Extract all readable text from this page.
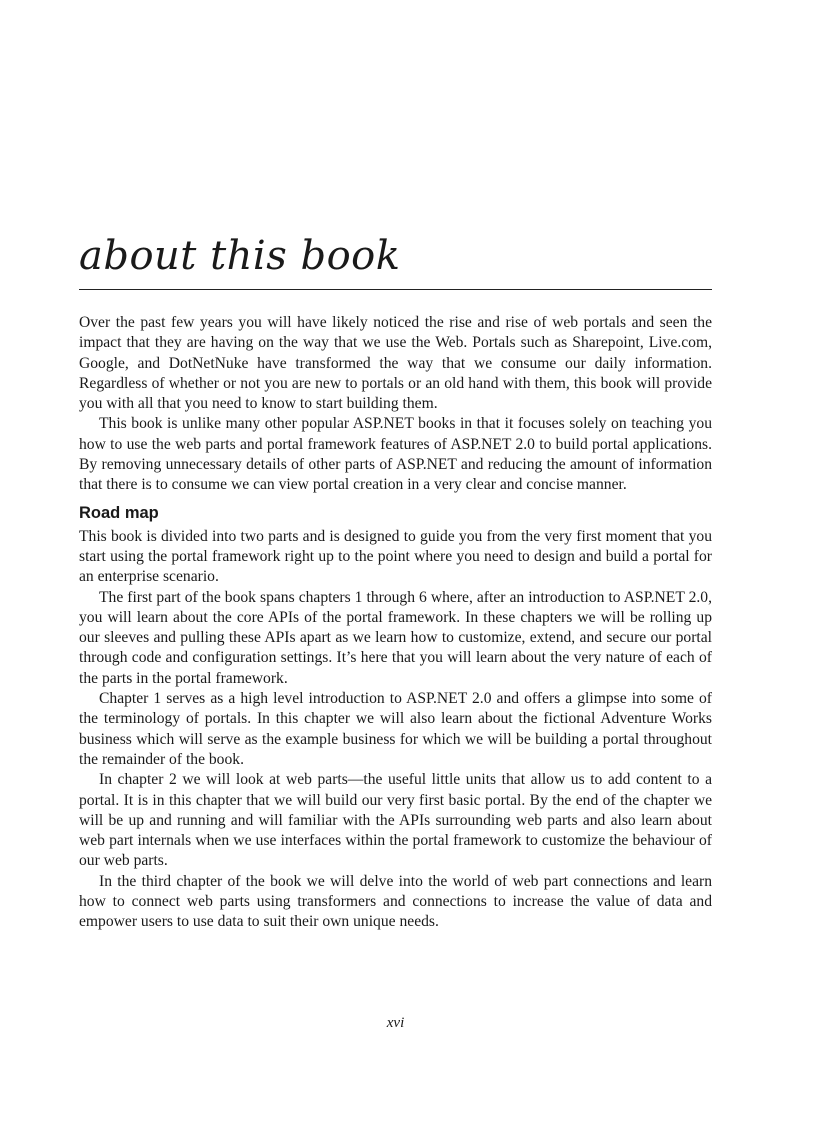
about this book

Over the past few years you will have likely noticed the rise and rise of web portals and seen the impact that they are having on the way that we use the Web. Portals such as Sharepoint, Live.com, Google, and DotNetNuke have transformed the way that we consume our daily information. Regardless of whether or not you are new to portals or an old hand with them, this book will provide you with all that you need to know to start building them.

This book is unlike many other popular ASP.NET books in that it focuses solely on teaching you how to use the web parts and portal framework features of ASP.NET 2.0 to build portal applications. By removing unnecessary details of other parts of ASP.NET and reducing the amount of information that there is to consume we can view portal creation in a very clear and concise manner.

Road map

This book is divided into two parts and is designed to guide you from the very first moment that you start using the portal framework right up to the point where you need to design and build a portal for an enterprise scenario.

The first part of the book spans chapters 1 through 6 where, after an introduction to ASP.NET 2.0, you will learn about the core APIs of the portal framework. In these chapters we will be rolling up our sleeves and pulling these APIs apart as we learn how to customize, extend, and secure our portal through code and configuration settings. It’s here that you will learn about the very nature of each of the parts in the portal framework.

Chapter 1 serves as a high level introduction to ASP.NET 2.0 and offers a glimpse into some of the terminology of portals. In this chapter we will also learn about the fictional Adventure Works business which will serve as the example business for which we will be building a portal throughout the remainder of the book.

In chapter 2 we will look at web parts—the useful little units that allow us to add content to a portal. It is in this chapter that we will build our very first basic portal. By the end of the chapter we will be up and running and will familiar with the APIs surrounding web parts and also learn about web part internals when we use interfaces within the portal framework to customize the behaviour of our web parts.

In the third chapter of the book we will delve into the world of web part connections and learn how to connect web parts using transformers and connections to increase the value of data and empower users to use data to suit their own unique needs.

xvi
